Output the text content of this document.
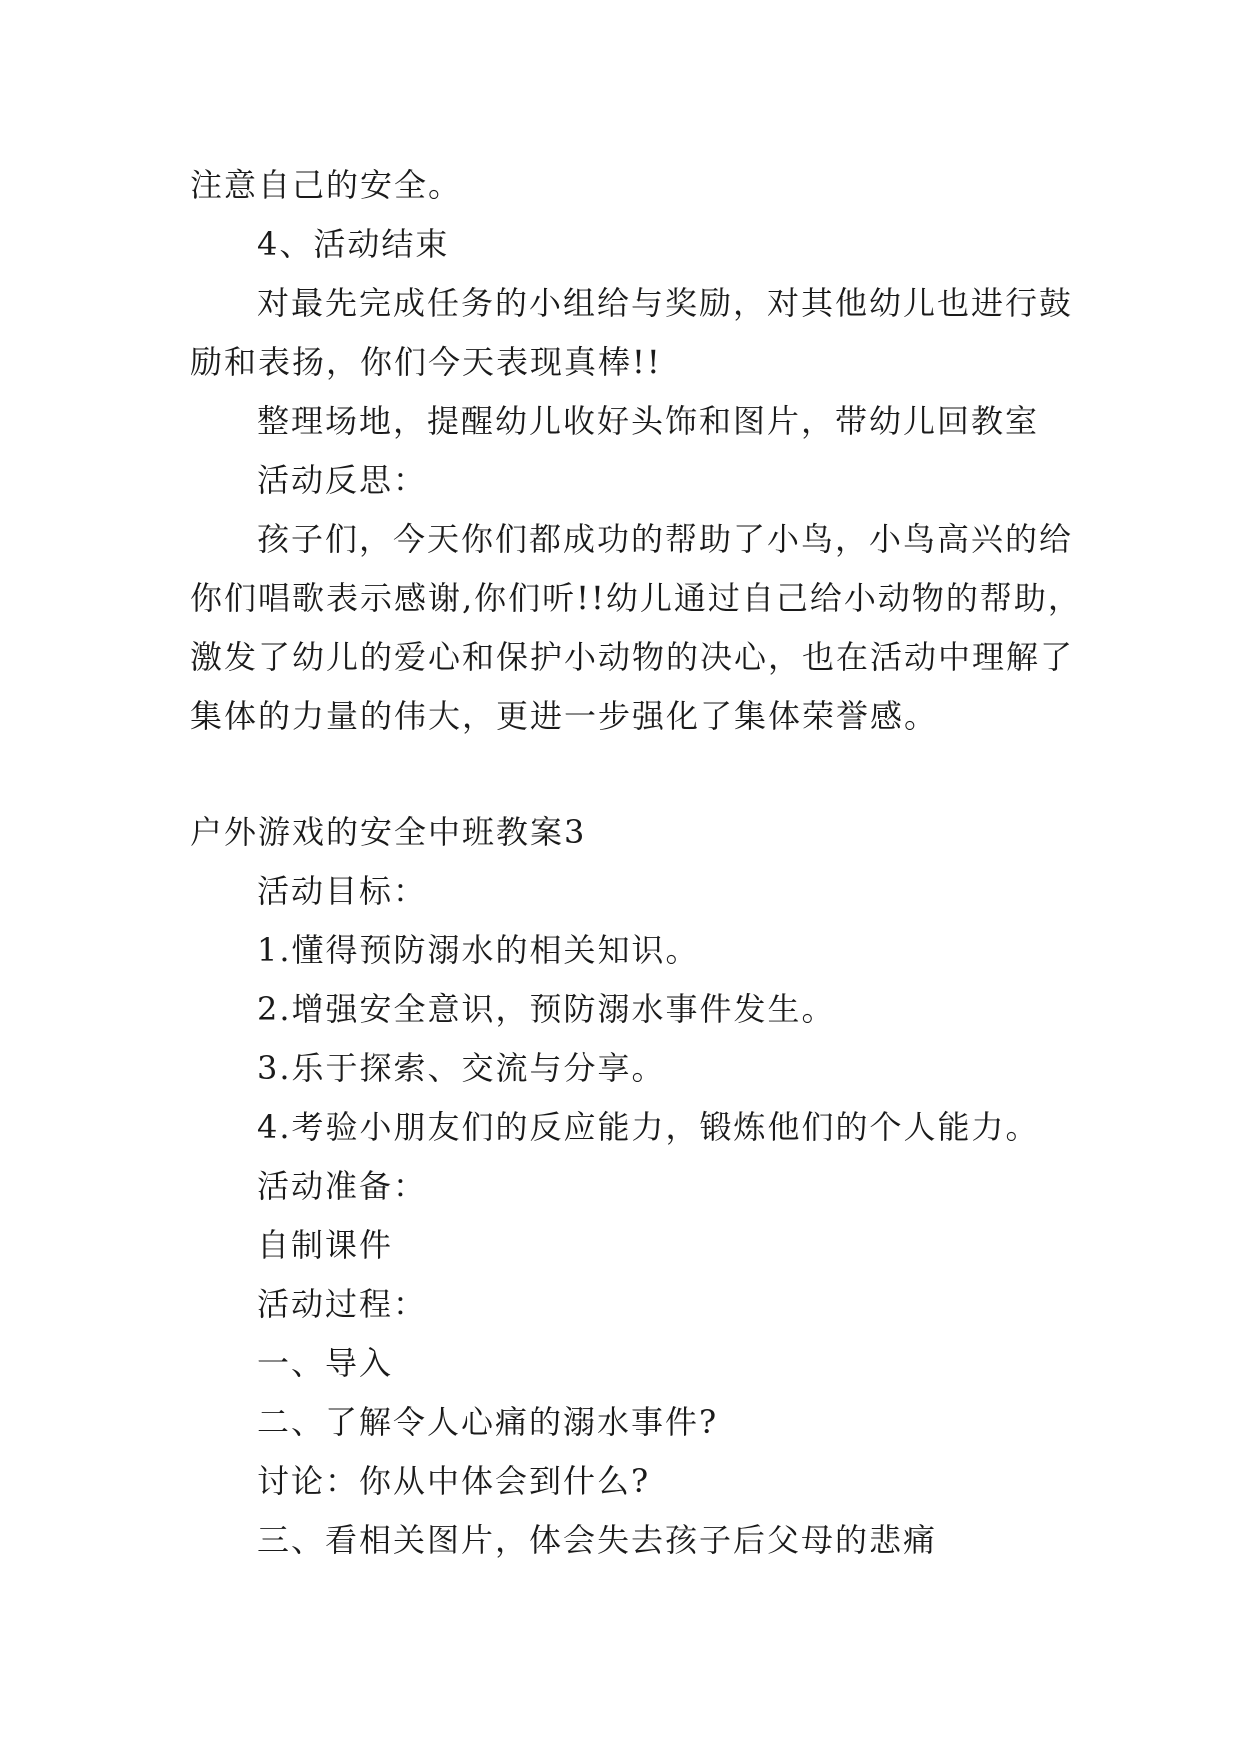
注意自己的安全。
4、活动结束
对最先完成任务的小组给与奖励，对其他幼儿也进行鼓
励和表扬，你们今天表现真棒!!
整理场地，提醒幼儿收好头饰和图片，带幼儿回教室
活动反思：
孩子们，今天你们都成功的帮助了小鸟，小鸟高兴的给
你们唱歌表示感谢,你们听!!幼儿通过自己给小动物的帮助，
激发了幼儿的爱心和保护小动物的决心，也在活动中理解了
集体的力量的伟大，更进一步强化了集体荣誉感。
户外游戏的安全中班教案3
活动目标：
1.懂得预防溺水的相关知识。
2.增强安全意识，预防溺水事件发生。
3.乐于探索、交流与分享。
4.考验小朋友们的反应能力，锻炼他们的个人能力。
活动准备：
自制课件
活动过程：
一、导入
二、了解令人心痛的溺水事件?
讨论：你从中体会到什么?
三、看相关图片，体会失去孩子后父母的悲痛
